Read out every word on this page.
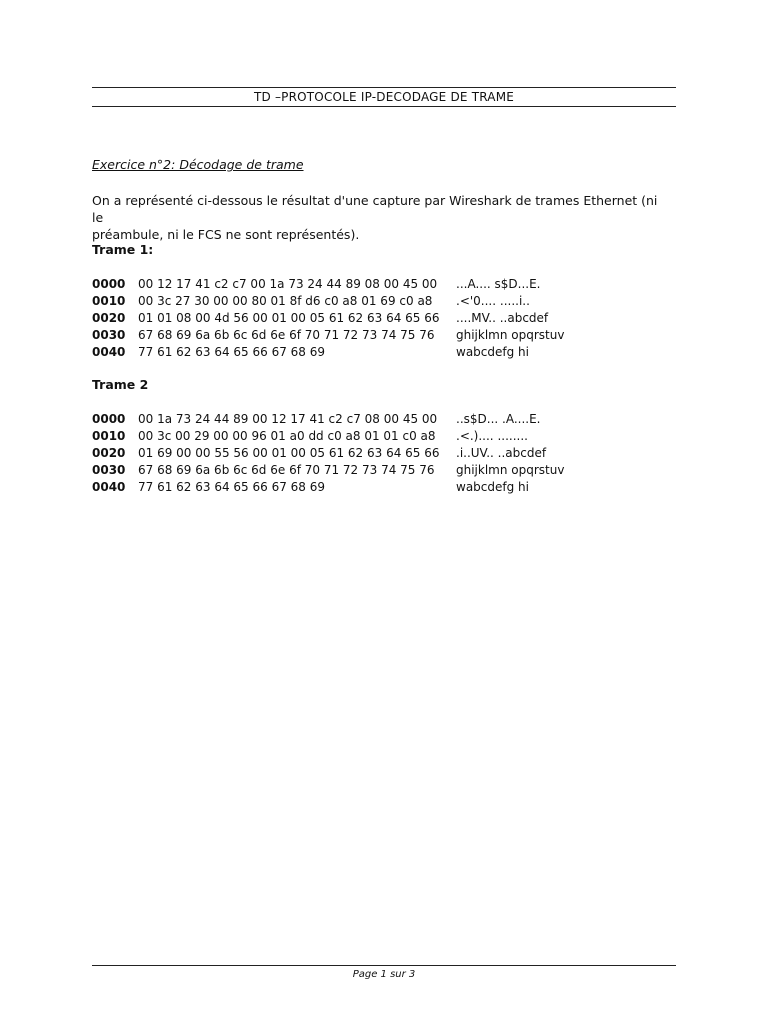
TD –PROTOCOLE IP-DECODAGE DE TRAME
Exercice n°2: Décodage de trame
On a représenté ci-dessous le résultat d'une capture par Wireshark de trames Ethernet (ni le
préambule, ni le FCS ne sont représentés).
Trame 1:
0000 00 12 17 41 c2 c7 00 1a 73 24 44 89 08 00 45 00 ...A.... s$D...E.
0010 00 3c 27 30 00 00 80 01 8f d6 c0 a8 01 69 c0 a8 .<'0.... .....i..
0020 01 01 08 00 4d 56 00 01 00 05 61 62 63 64 65 66 ....MV.. ..abcdef
0030 67 68 69 6a 6b 6c 6d 6e 6f 70 71 72 73 74 75 76 ghijklmn opqrstuv
0040 77 61 62 63 64 65 66 67 68 69	wabcdefg hi
Trame 2
0000 00 1a 73 24 44 89 00 12 17 41 c2 c7 08 00 45 00 ..s$D... .A....E.
0010 00 3c 00 29 00 00 96 01 a0 dd c0 a8 01 01 c0 a8 .<.).... ........
0020 01 69 00 00 55 56 00 01 00 05 61 62 63 64 65 66 .i..UV.. ..abcdef
0030 67 68 69 6a 6b 6c 6d 6e 6f 70 71 72 73 74 75 76 ghijklmn opqrstuv
0040 77 61 62 63 64 65 66 67 68 69	wabcdefg hi
Page 1 sur 3
